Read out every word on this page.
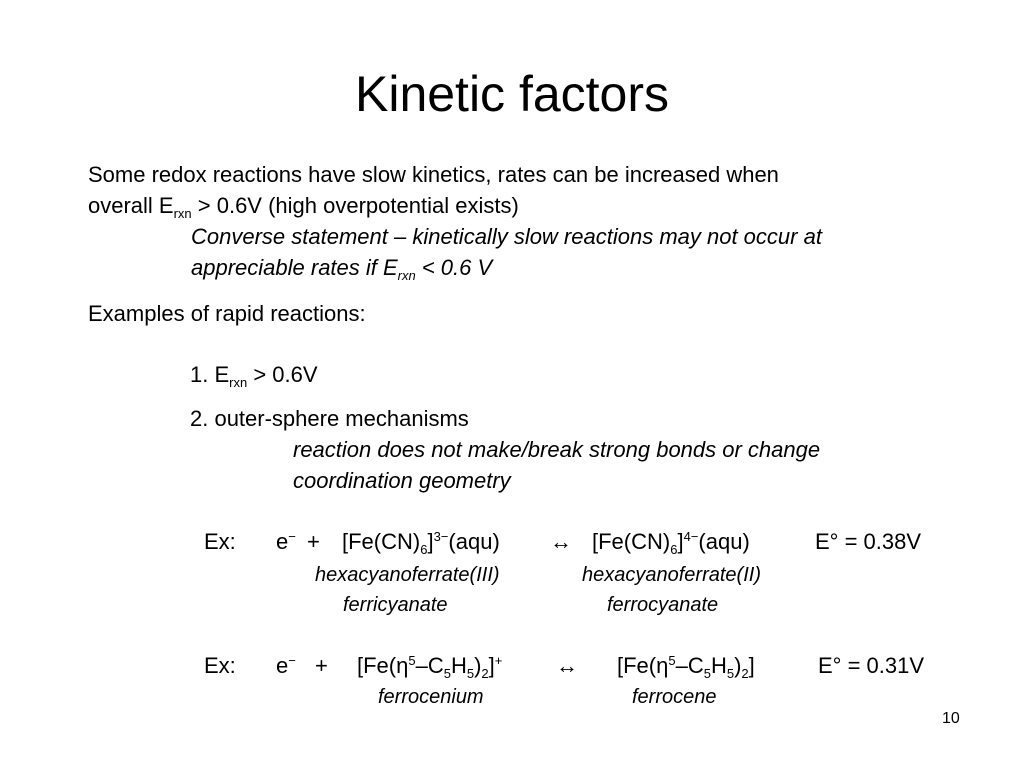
Kinetic factors
Some redox reactions have slow kinetics, rates can be increased when
overall $E_{rxn} > 0.6V$ (high overpotential exists)
Converse statement – kinetically slow reactions may not occur at
appreciable rates if $E_{rxn} < 0.6$ V
Examples of rapid reactions:
1. $E_{rxn} > 0.6V$
2. outer-sphere mechanisms
reaction does not make/break strong bonds or change
coordination geometry
Ex: $e^- + [Fe(CN)_6]^{3-}(aqu)$ ↔ $[Fe(CN)_6]^{4-}(aqu)$	E° = 0.38V
hexacyanoferrate(III)	hexacyanoferrate(II)
ferricyanate	ferrocyanate
Ex: $e^- + [Fe(\eta^5-C_5H_5)_2]^+$ ↔ $[Fe(\eta^5-C_5H_5)_2]$	E° = 0.31V
ferrocenium	ferrocene
10
